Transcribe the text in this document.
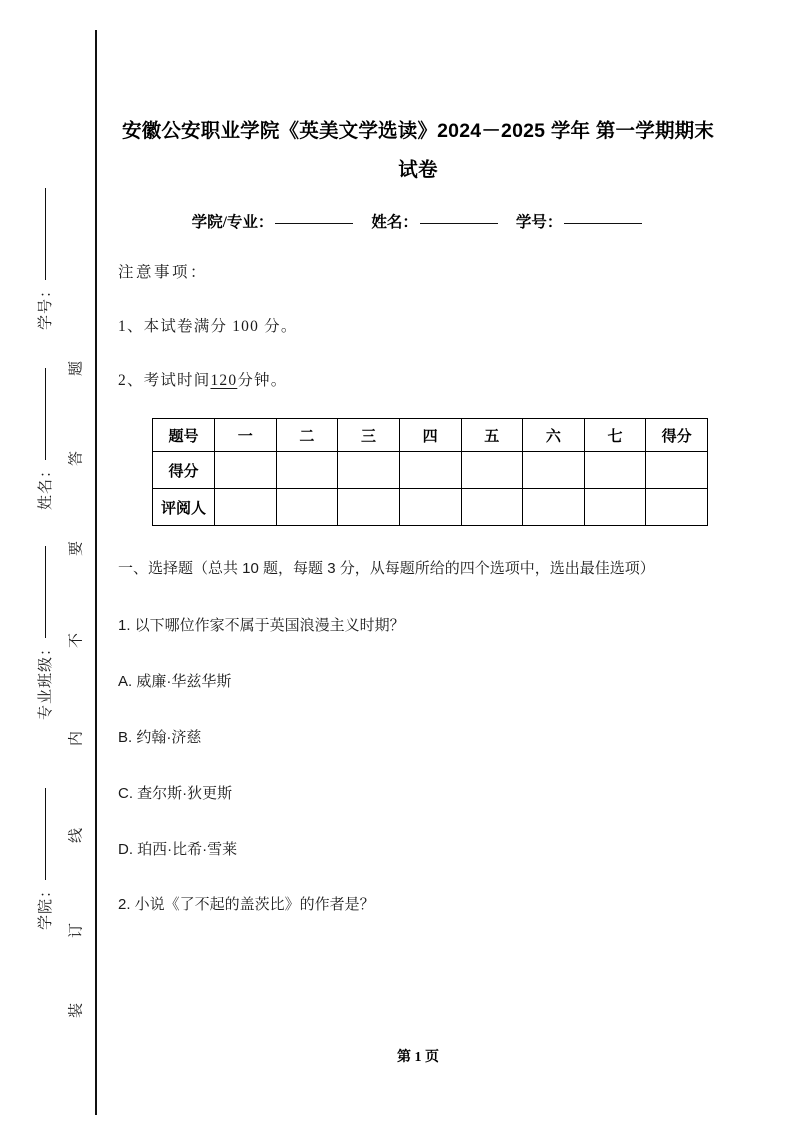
学号：
姓名：
专业班级：
学院：
题
答
要
不
内
线
订
装
安徽公安职业学院《英美文学选读》2024－2025 学年 第一学期期末试卷
学院/专业：	姓名：	学号：

注意事项：

1、本试卷满分 100 分。

2、考试时间120分钟。

题号	一	二	三	四	五	六	七	得分
得分								
评阅人								

一、选择题（总共 10 题，每题 3 分，从每题所给的四个选项中，选出最佳选项）

1. 以下哪位作家不属于英国浪漫主义时期？

A. 威廉·华兹华斯

B. 约翰·济慈

C. 查尔斯·狄更斯

D. 珀西·比希·雪莱

2. 小说《了不起的盖茨比》的作者是？

第 1 页
